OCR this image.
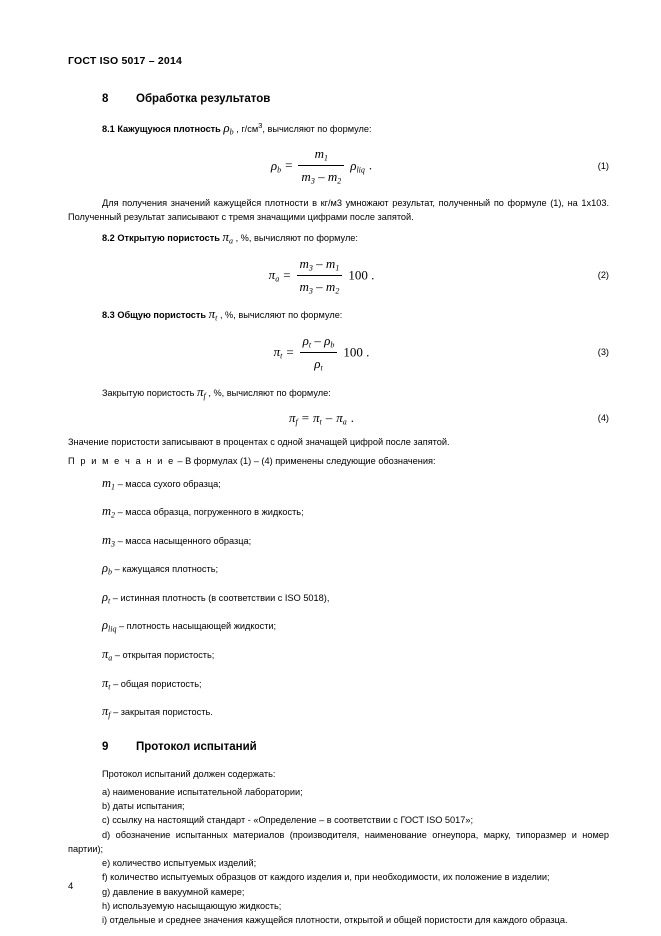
ГОСТ ISO 5017 – 2014
8 Обработка результатов
8.1 Кажущуюся плотность $\rho_b$ , $г/см^3$, вычисляют по формуле:
$\rho_b = \frac{m_1}{m_3 - m_2} \rho_{liq}$ .	(1)

Для получения значений кажущейся плотности в кг/м3 умножают результат, полученный по формуле (1), на 1х103. Полученный результат записывают с тремя значащими цифрами после запятой.

8.2 Открытую пористость $\pi_a$ , %, вычисляют по формуле:
$\pi_a = \frac{m_3 - m_1}{m_3 - m_2} 100$ .	(2)
8.3 Общую пористость $\pi_t$ , %, вычисляют по формуле:
$\pi_t = \frac{\rho_t - \rho_b}{\rho_t} 100$ .	(3)

Закрытую пористость $\pi_f$ , %, вычисляют по формуле:

$\pi_f = \pi_t - \pi_a$ .	(4)

Значение пористости записывают в процентах с одной значащей цифрой после запятой.

П р и м е ч а н и е – В формулах (1) – (4) применены следующие обозначения:

$m_1$ – масса сухого образца;
$m_2$ – масса образца, погруженного в жидкость;
$m_3$ – масса насыщенного образца;
$\rho_b$ – кажущаяся плотность;
$\rho_t$ – истинная плотность (в соответствии с ISO 5018),
$\rho_{liq}$ – плотность насыщающей жидкости;
$\pi_a$ – открытая пористость;
$\pi_t$ – общая пористость;
$\pi_f$ – закрытая пористость.
9 Протокол испытаний

Протокол испытаний должен содержать:

a) наименование испытательной лаборатории;
b) даты испытания;
c) ссылку на настоящий стандарт - «Определение – в соответствии с ГОСТ ISO 5017»;
d) обозначение испытанных материалов (производителя, наименование огнеупора, марку, типоразмер и номер партии);
e) количество испытуемых изделий;
f) количество испытуемых образцов от каждого изделия и, при необходимости, их положение в изделии;
g) давление в вакуумной камере;
h) используемую насыщающую жидкость;
i) отдельные и среднее значения кажущейся плотности, открытой и общей пористости для каждого образца.
4
